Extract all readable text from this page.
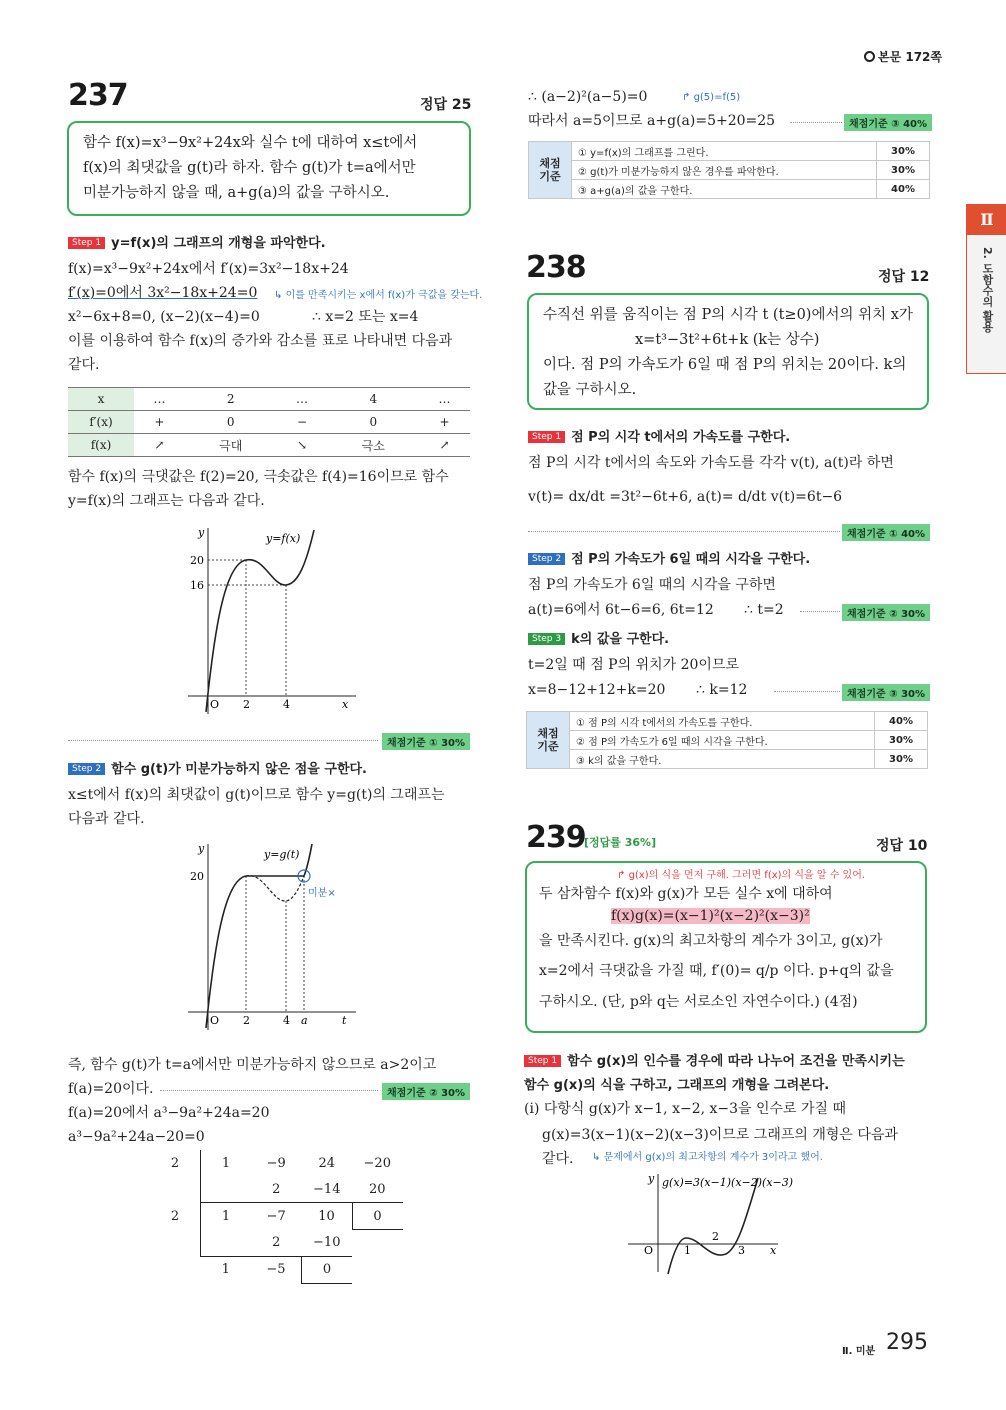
본문 172쪽
Ⅱ
2. 도함수의 활용
237	정답 25
함수 f(x)=x³−9x²+24x와 실수 t에 대하여 x≤t에서
f(x)의 최댓값을 g(t)라 하자. 함수 g(t)가 t=a에서만
미분가능하지 않을 때, a+g(a)의 값을 구하시오.
Step 1 y=f(x)의 그래프의 개형을 파악한다.
f(x)=x³−9x²+24x에서 f′(x)=3x²−18x+24
f′(x)=0에서 3x²−18x+24=0 ↳ 이를 만족시키는 x에서 f(x)가 극값을 갖는다.
x²−6x+8=0, (x−2)(x−4)=0	∴ x=2 또는 x=4
이를 이용하여 함수 f(x)의 증가와 감소를 표로 나타내면 다음과
같다.
x	…	2	…	4	…
f′(x)	+	0	−	0	+
f(x)	↗	극대	↘	극소	↗
함수 f(x)의 극댓값은 f(2)=20, 극솟값은 f(4)=16이므로 함수
y=f(x)의 그래프는 다음과 같다.
y
x
O 2	4
20
16
y=f(x)
채점기준 ① 30%
Step 2 함수 g(t)가 미분가능하지 않은 점을 구한다.
x≤t에서 f(x)의 최댓값이 g(t)이므로 함수 y=g(t)의 그래프는
다음과 같다.
미분×
y
t
O 2	4 a
20
y=g(t)
즉, 함수 g(t)가 t=a에서만 미분가능하지 않으므로 a>2이고
f(a)=20이다.	채점기준 ② 30%
f(a)=20에서 a³−9a²+24a=20
a³−9a²+24a−20=0
2	1	−9	24	−20
		2	−14	20
2	1	−7	10	0
		2	−10	
	1	−5	0	
∴ (a−2)²(a−5)=0	↱ g(5)=f(5)
따라서 a=5이므로 a+g(a)=5+20=25	채점기준 ③ 40%
채점 기준	① y=f(x)의 그래프를 그린다.	30%
	② g(t)가 미분가능하지 않은 경우를 파악한다.	30%
	③ a+g(a)의 값을 구한다.	40%
238	정답 12
수직선 위를 움직이는 점 P의 시각 t (t≥0)에서의 위치 x가
x=t³−3t²+6t+k (k는 상수)
이다. 점 P의 가속도가 6일 때 점 P의 위치는 20이다. k의
값을 구하시오.
Step 1 점 P의 시각 t에서의 가속도를 구한다.
점 P의 시각 t에서의 속도와 가속도를 각각 v(t), a(t)라 하면
v(t)= dx/dt =3t²−6t+6, a(t)= d/dt v(t)=6t−6
채점기준 ① 40%
Step 2 점 P의 가속도가 6일 때의 시각을 구한다.
점 P의 가속도가 6일 때의 시각을 구하면
a(t)=6에서 6t−6=6, 6t=12 ∴ t=2	채점기준 ② 30%
Step 3 k의 값을 구한다.
t=2일 때 점 P의 위치가 20이므로
x=8−12+12+k=20 ∴ k=12	채점기준 ③ 30%
채점 기준	① 점 P의 시각 t에서의 가속도를 구한다.	40%
	② 점 P의 가속도가 6일 때의 시각을 구한다.	30%
	③ k의 값을 구한다.	30%
239
[정답률 36%]	정답 10
↱ g(x)의 식을 먼저 구해. 그러면 f(x)의 식을 알 수 있어.
두 삼차함수 f(x)와 g(x)가 모든 실수 x에 대하여
f(x)g(x)=(x−1)²(x−2)²(x−3)²
을 만족시킨다. g(x)의 최고차항의 계수가 3이고, g(x)가
x=2에서 극댓값을 가질 때, f′(0)= q/p 이다. p+q의 값을
구하시오. (단, p와 q는 서로소인 자연수이다.) (4점)
Step 1 함수 g(x)의 인수를 경우에 따라 나누어 조건을 만족시키는
함수 g(x)의 식을 구하고, 그래프의 개형을 그려본다.
(i) 다항식 g(x)가 x−1, x−2, x−3을 인수로 가질 때
g(x)=3(x−1)(x−2)(x−3)이므로 그래프의 개형은 다음과
같다. ↳ 문제에서 g(x)의 최고차항의 계수가 3이라고 했어.
y
x
O	1
2
3
g(x)=3(x−1)(x−2)(x−3)
Ⅱ. 미분 295
